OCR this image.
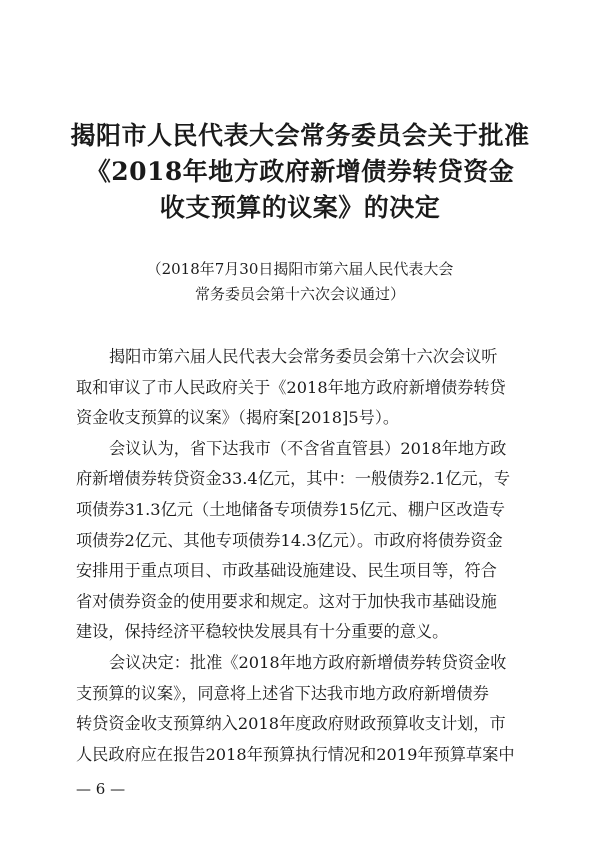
揭阳市人民代表大会常务委员会关于批准
《2018年地方政府新增债券转贷资金
收支预算的议案》的决定
（2018年7月30日揭阳市第六届人民代表大会
常务委员会第十六次会议通过）
揭阳市第六届人民代表大会常务委员会第十六次会议听
取和审议了市人民政府关于《2018年地方政府新增债券转贷
资金收支预算的议案》（揭府案[2018]5号）。
会议认为，省下达我市（不含省直管县）2018年地方政
府新增债券转贷资金33.4亿元，其中：一般债券2.1亿元，专
项债券31.3亿元（土地储备专项债券15亿元、棚户区改造专
项债券2亿元、其他专项债券14.3亿元）。市政府将债券资金
安排用于重点项目、市政基础设施建设、民生项目等，符合
省对债券资金的使用要求和规定。这对于加快我市基础设施
建设，保持经济平稳较快发展具有十分重要的意义。
会议决定：批准《2018年地方政府新增债券转贷资金收
支预算的议案》，同意将上述省下达我市地方政府新增债券
转贷资金收支预算纳入2018年度政府财政预算收支计划，市
人民政府应在报告2018年预算执行情况和2019年预算草案中
— 6 —
